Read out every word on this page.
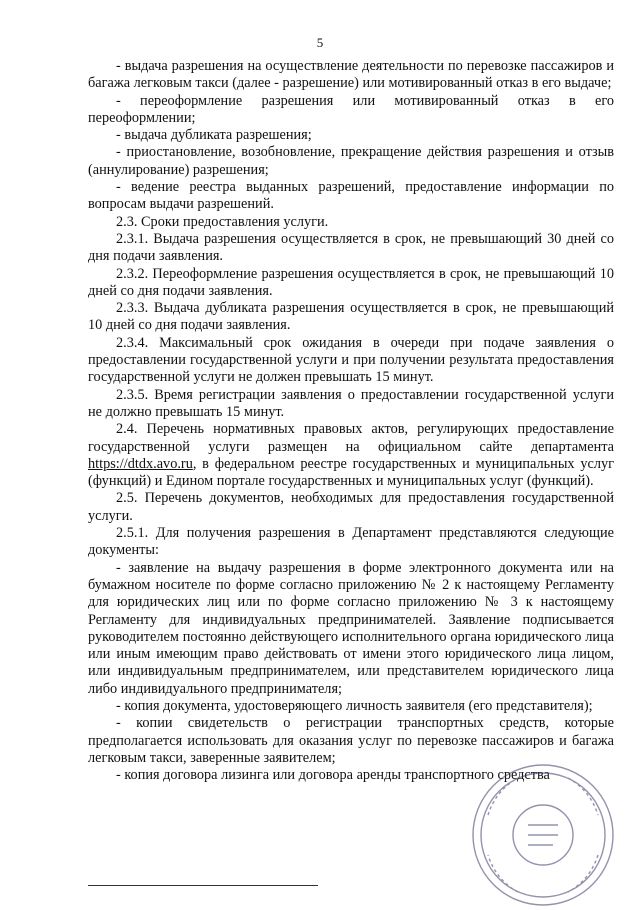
5

- выдача разрешения на осуществление деятельности по перевозке пассажиров и багажа легковым такси (далее - разрешение) или мотивированный отказ в его выдаче;

- переоформление разрешения или мотивированный отказ в его переоформлении;

- выдача дубликата разрешения;

- приостановление, возобновление, прекращение действия разрешения и отзыв (аннулирование) разрешения;

- ведение реестра выданных разрешений, предоставление информации по вопросам выдачи разрешений.

2.3. Сроки предоставления услуги.

2.3.1. Выдача разрешения осуществляется в срок, не превышающий 30 дней со дня подачи заявления.

2.3.2. Переоформление разрешения осуществляется в срок, не превышающий 10 дней со дня подачи заявления.

2.3.3. Выдача дубликата разрешения осуществляется в срок, не превышающий 10 дней со дня подачи заявления.

2.3.4. Максимальный срок ожидания в очереди при подаче заявления о предоставлении государственной услуги и при получении результата предоставления государственной услуги не должен превышать 15 минут.

2.3.5. Время регистрации заявления о предоставлении государственной услуги не должно превышать 15 минут.

2.4. Перечень нормативных правовых актов, регулирующих предоставление государственной услуги размещен на официальном сайте департамента https://dtdx.avo.ru, в федеральном реестре государственных и муниципальных услуг (функций) и Едином портале государственных и муниципальных услуг (функций).

2.5. Перечень документов, необходимых для предоставления государственной услуги.

2.5.1. Для получения разрешения в Департамент представляются следующие документы:

- заявление на выдачу разрешения в форме электронного документа или на бумажном носителе по форме согласно приложению № 2 к настоящему Регламенту для юридических лиц или по форме согласно приложению № 3 к настоящему Регламенту для индивидуальных предпринимателей. Заявление подписывается руководителем постоянно действующего исполнительного органа юридического лица или иным имеющим право действовать от имени этого юридического лица лицом, или индивидуальным предпринимателем, или представителем юридического лица либо индивидуального предпринимателя;

- копия документа, удостоверяющего личность заявителя (его представителя);

- копии свидетельств о регистрации транспортных средств, которые предполагается использовать для оказания услуг по перевозке пассажиров и багажа легковым такси, заверенные заявителем;

- копия договора лизинга или договора аренды транспортного средства
